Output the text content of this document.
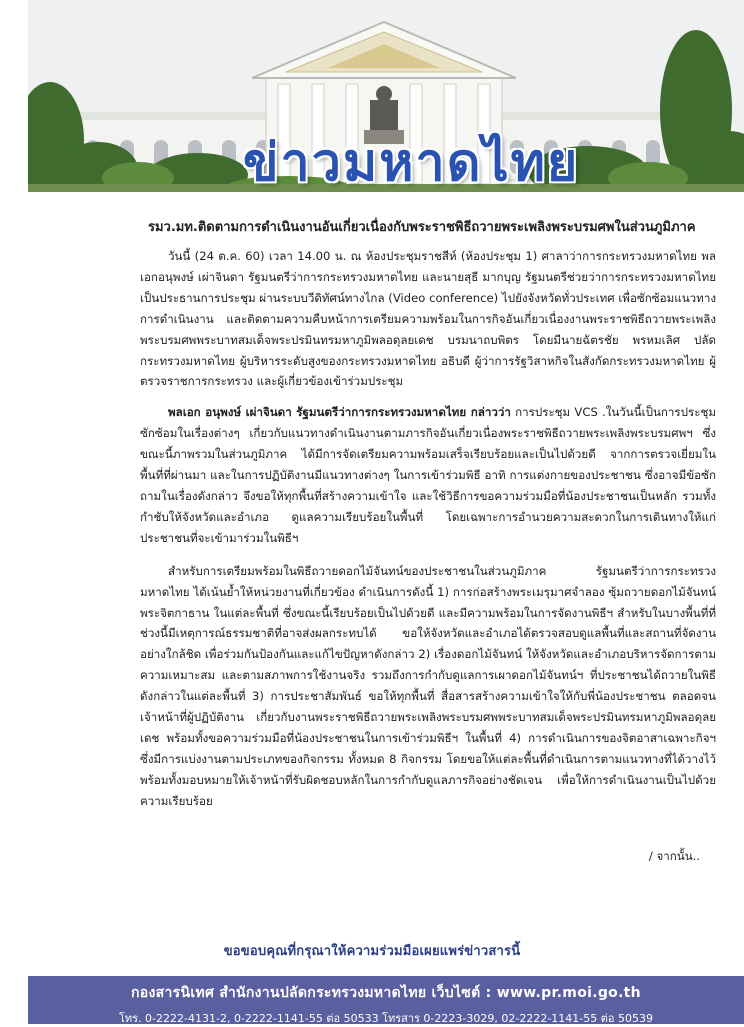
ข่าวมหาดไทย
รมว.มท.ติดตามการดำเนินงานอันเกี่ยวเนื่องกับพระราชพิธีถวายพระเพลิงพระบรมศพในส่วนภูมิภาค

วันนี้ (24 ต.ค. 60) เวลา 14.00 น. ณ ห้องประชุมราชสีห์ (ห้องประชุม 1) ศาลาว่าการกระทรวงมหาดไทย พลเอกอนุพงษ์ เผ่าจินดา รัฐมนตรีว่าการกระทรวงมหาดไทย และนายสุธี มากบุญ รัฐมนตรีช่วยว่าการกระทรวงมหาดไทย เป็นประธานการประชุม ผ่านระบบวีดิทัศน์ทางไกล (Video conference) ไปยังจังหวัดทั่วประเทศ เพื่อซักซ้อมแนวทางการดำเนินงาน และติดตามความคืบหน้าการเตรียมความพร้อมในการกิจอันเกี่ยวเนื่องงานพระราชพิธีถวายพระเพลิงพระบรมศพพระบาทสมเด็จพระปรมินทรมหาภูมิพลอดุลยเดช บรมนาถบพิตร โดยมีนายฉัตรชัย พรหมเลิศ ปลัดกระทรวงมหาดไทย ผู้บริหารระดับสูงของกระทรวงมหาดไทย อธิบดี ผู้ว่าการรัฐวิสาหกิจในสังกัดกระทรวงมหาดไทย ผู้ตรวจราชการกระทรวง และผู้เกี่ยวข้องเข้าร่วมประชุม

พลเอก อนุพงษ์ เผ่าจินดา รัฐมนตรีว่าการกระทรวงมหาดไทย กล่าวว่า การประชุม VCS .ในวันนี้เป็นการประชุมซักซ้อมในเรื่องต่างๆ เกี่ยวกับแนวทางดำเนินงานตามภารกิจอันเกี่ยวเนื่องพระราชพิธีถวายพระเพลิงพระบรมศพฯ ซึ่งขณะนี้ภาพรวมในส่วนภูมิภาค ได้มีการจัดเตรียมความพร้อมเสร็จเรียบร้อยและเป็นไปด้วยดี จากการตรวจเยี่ยมในพื้นที่ที่ผ่านมา และในการปฏิบัติงานมีแนวทางต่างๆ ในการเข้าร่วมพิธี อาทิ การแต่งกายของประชาชน ซึ่งอาจมีข้อซักถามในเรื่องดังกล่าว จึงขอให้ทุกพื้นที่สร้างความเข้าใจ และใช้วิธีการขอความร่วมมือที่น้องประชาชนเป็นหลัก รวมทั้งกำชับให้จังหวัดและอำเภอ ดูแลความเรียบร้อยในพื้นที่ โดยเฉพาะการอำนวยความสะดวกในการเดินทางให้แก่ประชาชนที่จะเข้ามาร่วมในพิธีฯ

สำหรับการเตรียมพร้อมในพิธีถวายดอกไม้จันทน์ของประชาชนในส่วนภูมิภาค รัฐมนตรีว่าการกระทรวงมหาดไทย ได้เน้นย้ำให้หน่วยงานที่เกี่ยวข้อง ดำเนินการดังนี้ 1) การก่อสร้างพระเมรุมาศจำลอง ซุ้มถวายดอกไม้จันทน์ พระจิตกาธาน ในแต่ละพื้นที่ ซึ่งขณะนี้เรียบร้อยเป็นไปด้วยดี และมีความพร้อมในการจัดงานพิธีฯ สำหรับในบางพื้นที่ที่ช่วงนี้มีเหตุการณ์ธรรมชาติที่อาจส่งผลกระทบได้ ขอให้จังหวัดและอำเภอได้ตรวจสอบดูแลพื้นที่และสถานที่จัดงานอย่างใกล้ชิด เพื่อร่วมกันป้องกันและแก้ไขปัญหาดังกล่าว 2) เรื่องดอกไม้จันทน์ ให้จังหวัดและอำเภอบริหารจัดการตามความเหมาะสม และตามสภาพการใช้งานจริง รวมถึงการกำกับดูแลการเผาดอกไม้จันทน์ฯ ที่ประชาชนได้ถวายในพิธีดังกล่าวในแต่ละพื้นที่ 3) การประชาสัมพันธ์ ขอให้ทุกพื้นที่ สื่อสารสร้างความเข้าใจให้กับพี่น้องประชาชน ตลอดจนเจ้าหน้าที่ผู้ปฏิบัติงาน เกี่ยวกับงานพระราชพิธีถวายพระเพลิงพระบรมศพพระบาทสมเด็จพระปรมินทรมหาภูมิพลอดุลยเดช พร้อมทั้งขอความร่วมมือที่น้องประชาชนในการเข้าร่วมพิธีฯ ในพื้นที่ 4) การดำเนินการของจิตอาสาเฉพาะกิจฯ ซึ่งมีการแบ่งงานตามประเภทของกิจกรรม ทั้งหมด 8 กิจกรรม โดยขอให้แต่ละพื้นที่ดำเนินการตามแนวทางที่ได้วางไว้ พร้อมทั้งมอบหมายให้เจ้าหน้าที่รับผิดชอบหลักในการกำกับดูแลภารกิจอย่างชัดเจน เพื่อให้การดำเนินงานเป็นไปด้วยความเรียบร้อย

/ จากนั้น..
ขอขอบคุณที่กรุณาให้ความร่วมมือเผยแพร่ข่าวสารนี้
กองสารนิเทศ สำนักงานปลัดกระทรวงมหาดไทย เว็บไซต์ : www.pr.moi.go.th
โทร. 0-2222-4131-2, 0-2222-1141-55 ต่อ 50533 โทรสาร 0-2223-3029, 02-2222-1141-55 ต่อ 50539
